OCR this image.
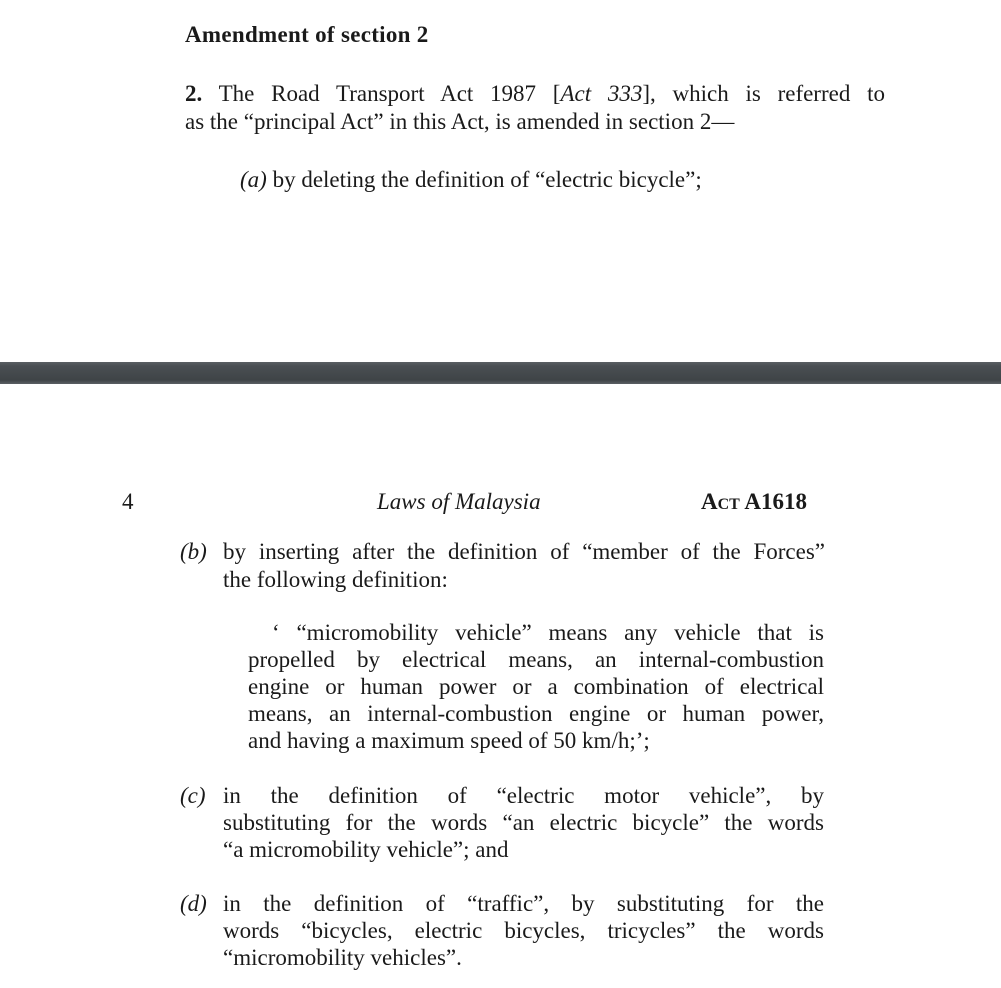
Amendment of section 2
2. The Road Transport Act 1987 [Act 333], which is referred to
as the “principal Act” in this Act, is amended in section 2—
(a) by deleting the definition of “electric bicycle”;
4	Laws of Malaysia	Act A1618
(b) by inserting after the definition of “member of the Forces”
the following definition:
‘ “micromobility vehicle” means any vehicle that is
propelled by electrical means, an internal-combustion
engine or human power or a combination of electrical
means, an internal-combustion engine or human power,
and having a maximum speed of 50 km/h;’;
(c) in the definition of “electric motor vehicle”, by
substituting for the words “an electric bicycle” the words
“a micromobility vehicle”; and
(d) in the definition of “traffic”, by substituting for the
words “bicycles, electric bicycles, tricycles” the words
“micromobility vehicles”.
